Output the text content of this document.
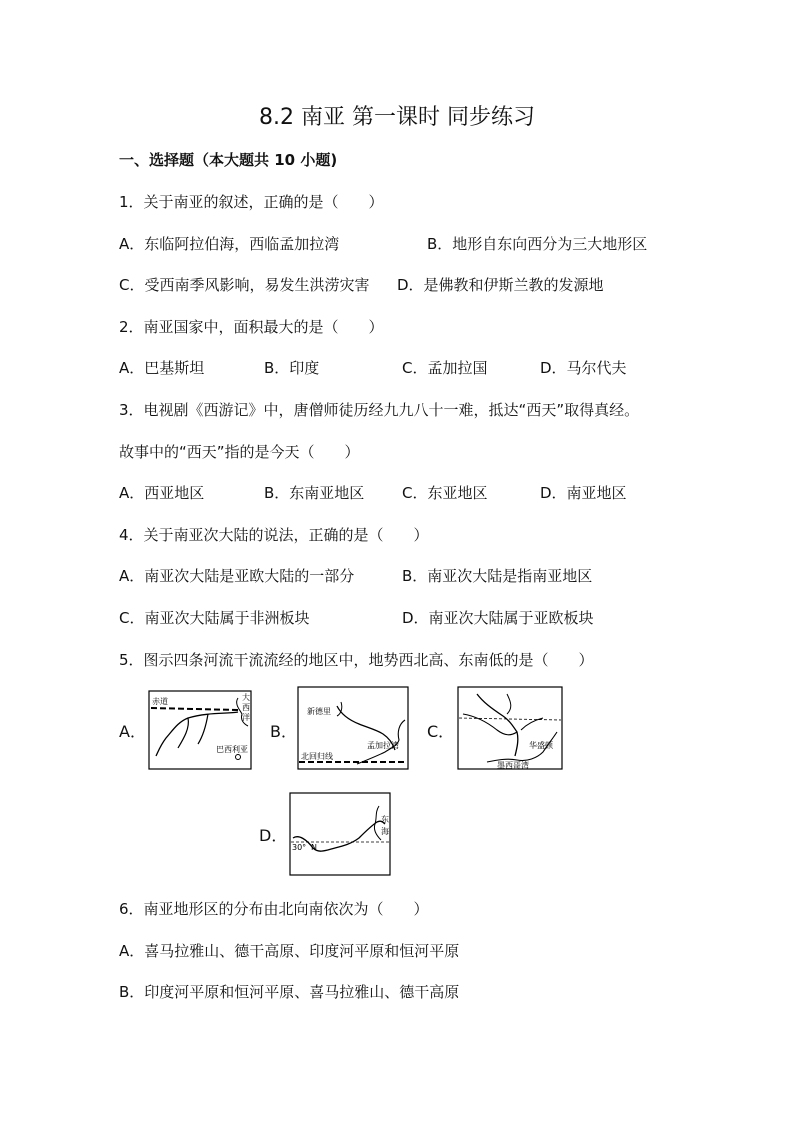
8.2 南亚 第一课时 同步练习
一、选择题（本大题共 10 小题)
1．关于南亚的叙述，正确的是（　　）
A．东临阿拉伯海，西临孟加拉湾	B．地形自东向西分为三大地形区
C．受西南季风影响，易发生洪涝灾害 D．是佛教和伊斯兰教的发源地
2．南亚国家中，面积最大的是（　　）
A．巴基斯坦	B．印度	C．孟加拉国	D．马尔代夫
3．电视剧《西游记》中，唐僧师徒历经九九八十一难，抵达“西天”取得真经。
故事中的“西天”指的是今天（　　）
A．西亚地区	B．东南亚地区	C．东亚地区	D．南亚地区
4．关于南亚次大陆的说法，正确的是（　　）
A．南亚次大陆是亚欧大陆的一部分	B．南亚次大陆是指南亚地区
C．南亚次大陆属于非洲板块	D．南亚次大陆属于亚欧板块
5．图示四条河流干流流经的地区中，地势西北高、东南低的是（　　）
A．
赤道	大
西
洋
巴西利亚
B．
新德里
北回归线
孟加拉湾
C．
华盛顿
墨西哥湾
D．
30° N
东
海
6．南亚地形区的分布由北向南依次为（　　）
A．喜马拉雅山、德干高原、印度河平原和恒河平原
B．印度河平原和恒河平原、喜马拉雅山、德干高原
